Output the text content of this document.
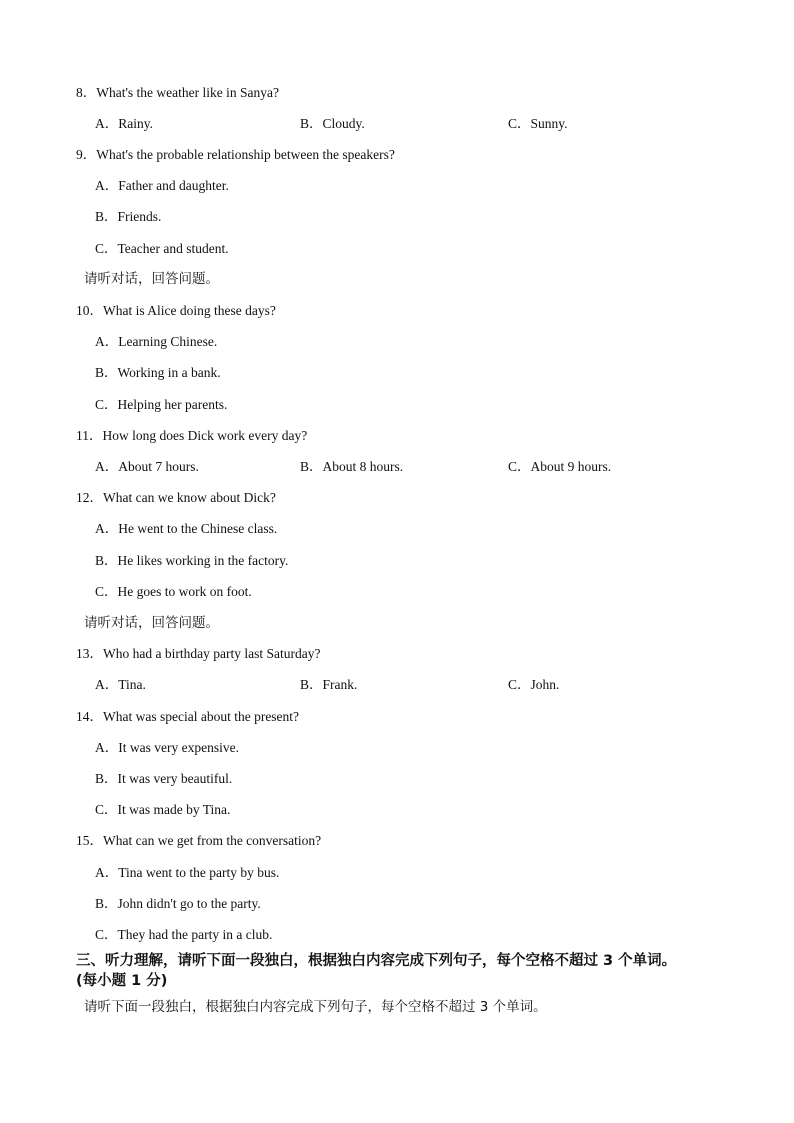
8．What's the weather like in Sanya?
A．Rainy.	B．Cloudy.	C．Sunny.
9．What's the probable relationship between the speakers?
A．Father and daughter.
B．Friends.
C．Teacher and student.
请听对话，回答问题。
10．What is Alice doing these days?
A．Learning Chinese.
B．Working in a bank.
C．Helping her parents.
11．How long does Dick work every day?
A．About 7 hours.	B．About 8 hours.	C．About 9 hours.
12．What can we know about Dick?
A．He went to the Chinese class.
B．He likes working in the factory.
C．He goes to work on foot.
请听对话，回答问题。
13．Who had a birthday party last Saturday?
A．Tina.	B．Frank.	C．John.
14．What was special about the present?
A．It was very expensive.
B．It was very beautiful.
C．It was made by Tina.
15．What can we get from the conversation?
A．Tina went to the party by bus.
B．John didn't go to the party.
C．They had the party in a club.
三、听力理解，请听下面一段独白，根据独白内容完成下列句子，每个空格不超过 3 个单词。
(每小题 1 分)
请听下面一段独白，根据独白内容完成下列句子，每个空格不超过 3 个单词。
